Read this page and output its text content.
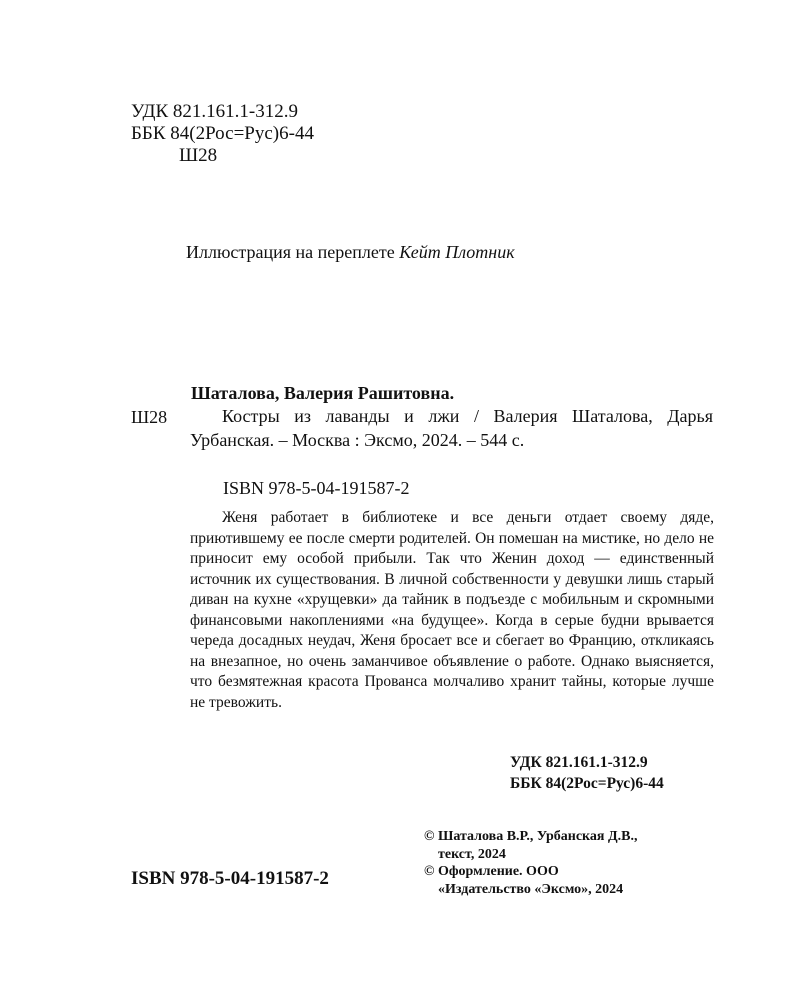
УДК 821.161.1-312.9
ББК 84(2Рос=Рус)6-44
Ш28
Иллюстрация на переплете Кейт Плотник
Шаталова, Валерия Рашитовна.
Ш28	Костры из лаванды и лжи / Валерия Шаталова, Дарья Урбанская. – Москва : Эксмо, 2024. – 544 с.
ISBN 978-5-04-191587-2
Женя работает в библиотеке и все деньги отдает своему дяде, приютившему ее после смерти родителей. Он помешан на мистике, но дело не приносит ему особой прибыли. Так что Женин доход — единственный источник их существования. В личной собственности у девушки лишь старый диван на кухне «хрущевки» да тайник в подъезде с мобильным и скромными финансовыми накоплениями «на будущее». Когда в серые будни врывается череда досадных неудач, Женя бросает все и сбегает во Францию, откликаясь на внезапное, но очень заманчивое объявление о работе. Однако выясняется, что безмятежная красота Прованса молчаливо хранит тайны, которые лучше не тревожить.
УДК 821.161.1-312.9
ББК 84(2Рос=Рус)6-44
© Шаталова В.Р., Урбанская Д.В.,
текст, 2024
© Оформление. ООО
«Издательство «Эксмо», 2024
ISBN 978-5-04-191587-2
